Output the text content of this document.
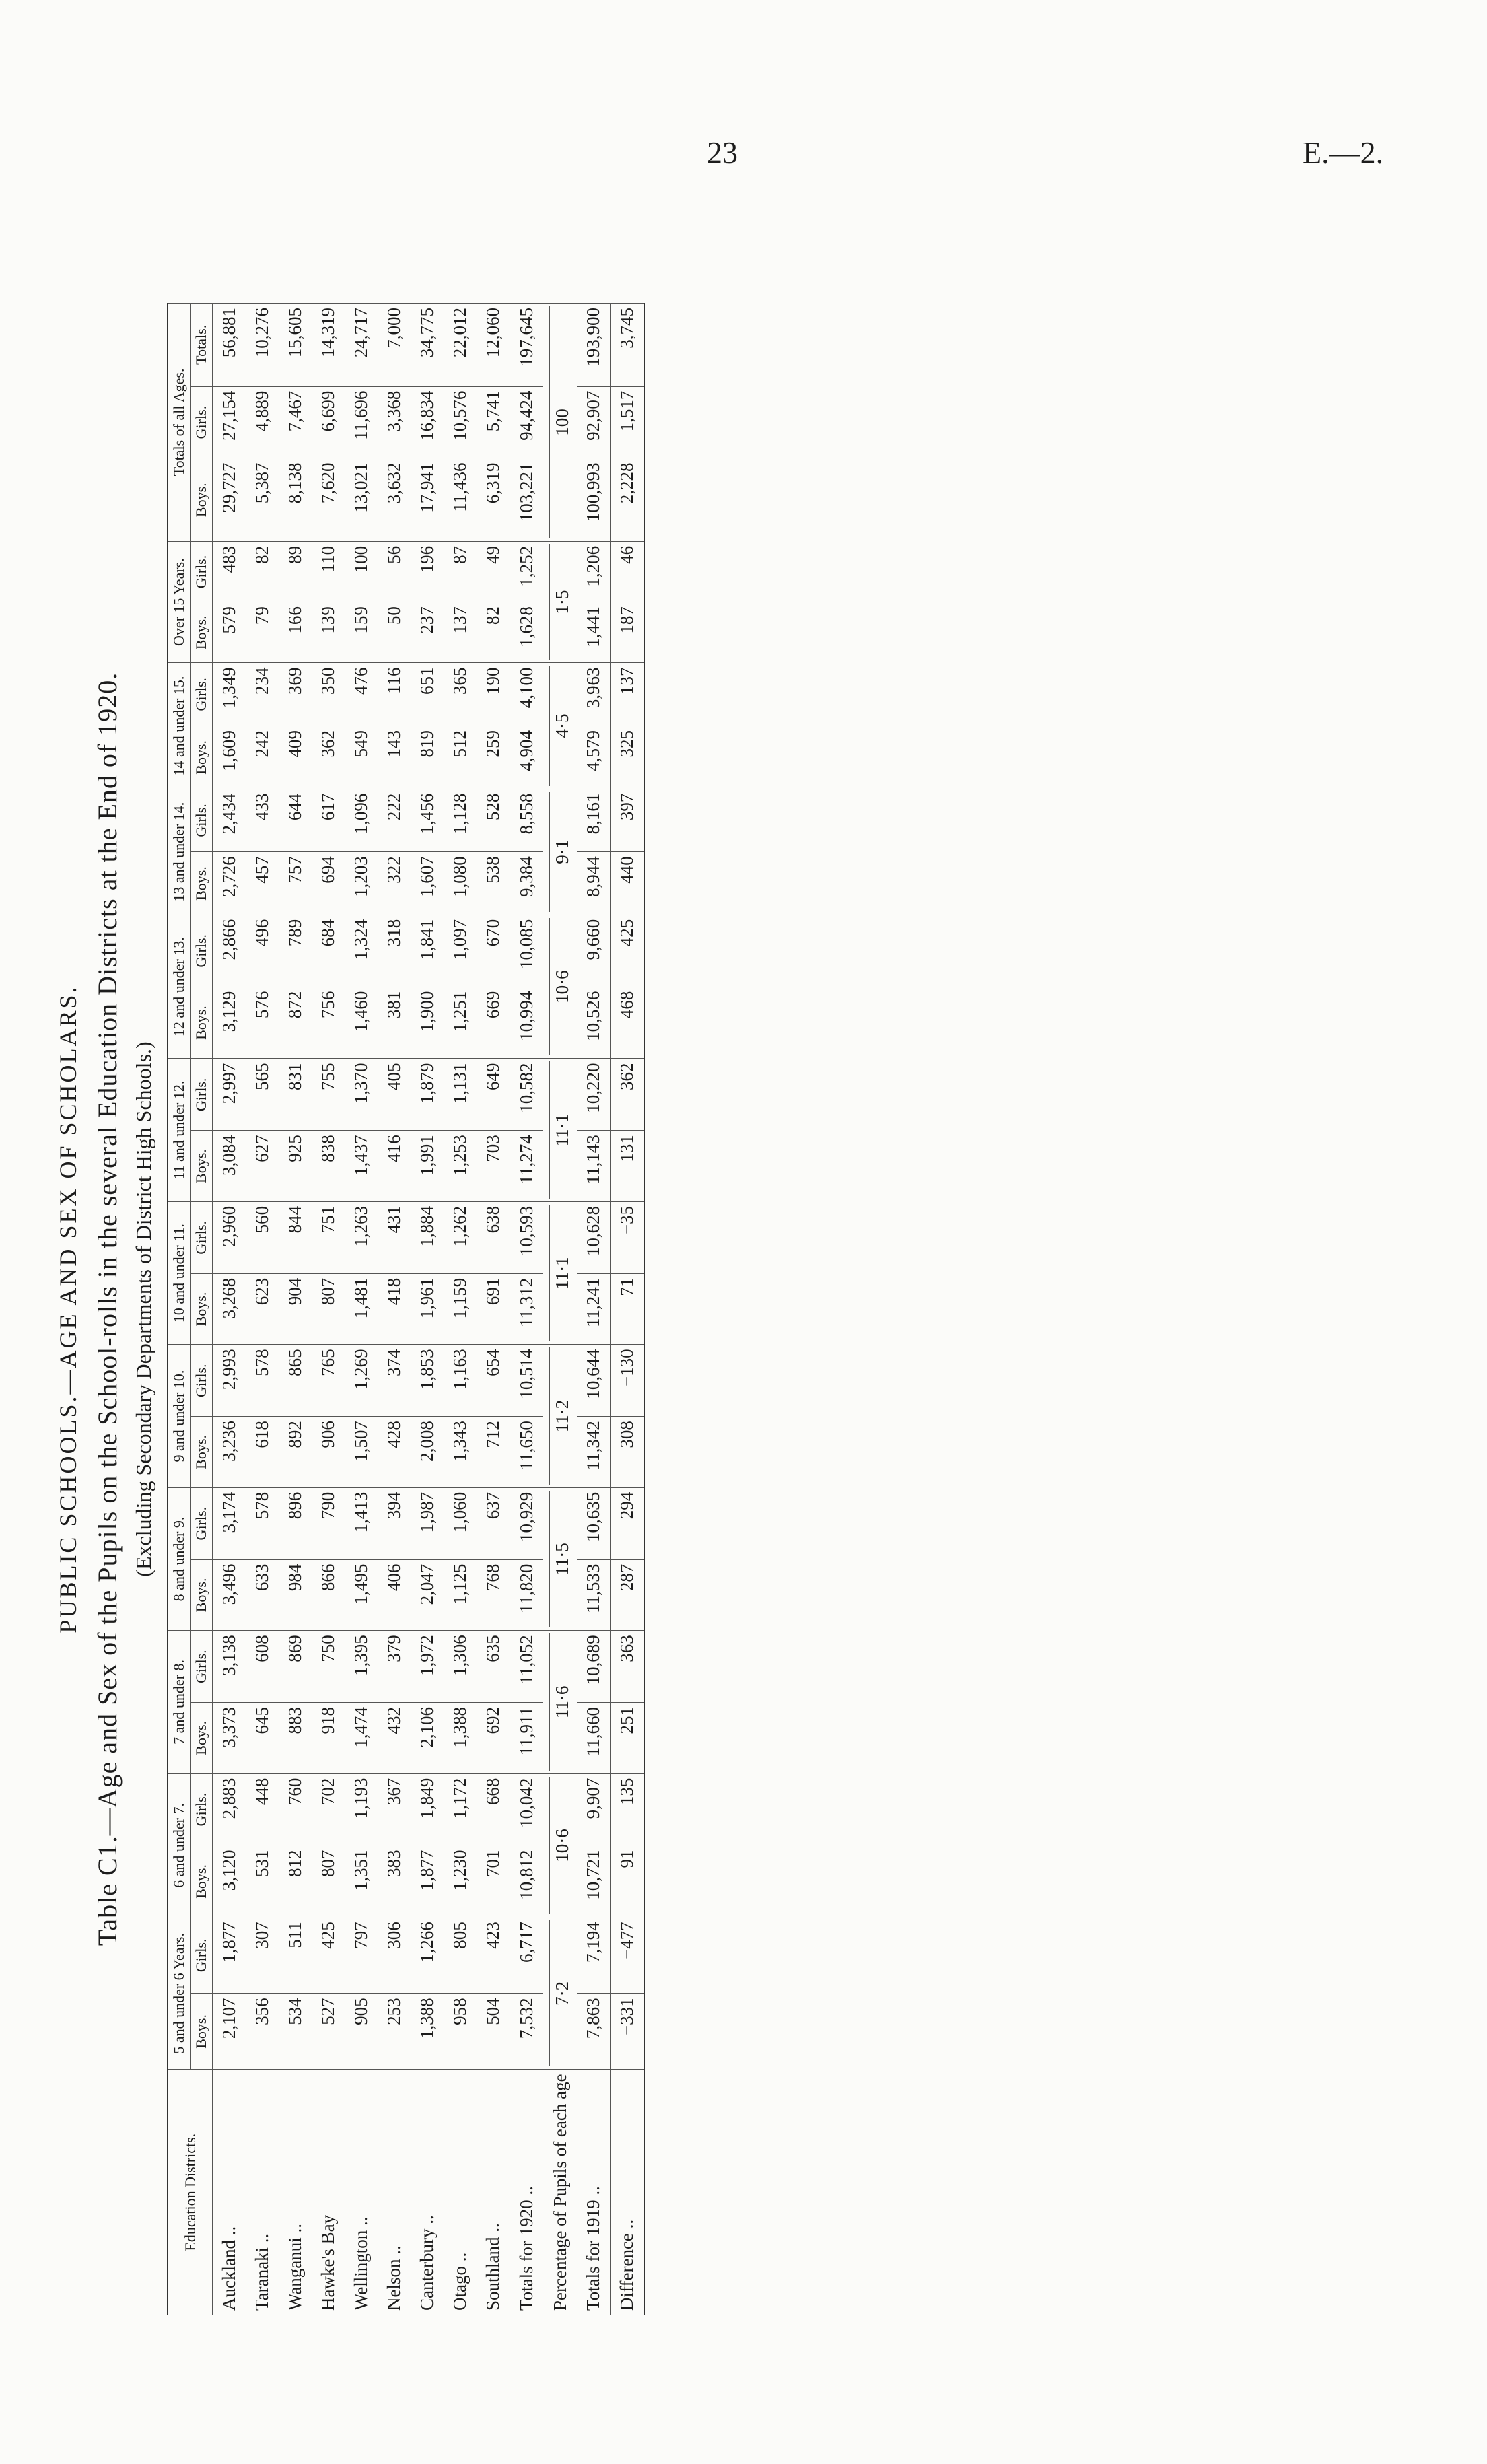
23	E.—2.
PUBLIC SCHOOLS.—AGE AND SEX OF SCHOLARS. Table C1.—Age and Sex of the Pupils on the School-rolls in the several Education Districts at the End of 1920. (Excluding Secondary Departments of District High Schools.)
Education Districts.	5 and under 6 Years.		6 and under 7.		7 and under 8.		8 and under 9.		9 and under 10.		10 and under 11.		11 and under 12.		12 and under 13.		13 and under 14.		14 and under 15.		Over 15 Years.		Totals of all Ages.		
	Boys.	Girls.	Boys.	Girls.	Boys.	Girls.	Boys.	Girls.	Boys.	Girls.	Boys.	Girls.	Boys.	Girls.	Boys.	Girls.	Boys.	Girls.	Boys.	Girls.	Boys.	Girls.	Boys.	Girls.	Totals.
Auckland ..	2,107	1,877	3,120	2,883	3,373	3,138	3,496	3,174	3,236	2,993	3,268	2,960	3,084	2,997	3,129	2,866	2,726	2,434	1,609	1,349	579	483	29,727	27,154	56,881
Taranaki ..	356	307	531	448	645	608	633	578	618	578	623	560	627	565	576	496	457	433	242	234	79	82	5,387	4,889	10,276
Wanganui ..	534	511	812	760	883	869	984	896	892	865	904	844	925	831	872	789	757	644	409	369	166	89	8,138	7,467	15,605
Hawke's Bay	527	425	807	702	918	750	866	790	906	765	807	751	838	755	756	684	694	617	362	350	139	110	7,620	6,699	14,319
Wellington ..	905	797	1,351	1,193	1,474	1,395	1,495	1,413	1,507	1,269	1,481	1,263	1,437	1,370	1,460	1,324	1,203	1,096	549	476	159	100	13,021	11,696	24,717
Nelson ..	253	306	383	367	432	379	406	394	428	374	418	431	416	405	381	318	322	222	143	116	50	56	3,632	3,368	7,000
Canterbury ..	1,388	1,266	1,877	1,849	2,106	1,972	2,047	1,987	2,008	1,853	1,961	1,884	1,991	1,879	1,900	1,841	1,607	1,456	819	651	237	196	17,941	16,834	34,775
Otago ..	958	805	1,230	1,172	1,388	1,306	1,125	1,060	1,343	1,163	1,159	1,262	1,253	1,131	1,251	1,097	1,080	1,128	512	365	137	87	11,436	10,576	22,012
Southland ..	504	423	701	668	692	635	768	637	712	654	691	638	703	649	669	670	538	528	259	190	82	49	6,319	5,741	12,060
Totals for 1920 ..	7,532	6,717	10,812	10,042	11,911	11,052	11,820	10,929	11,650	10,514	11,312	10,593	11,274	10,582	10,994	10,085	9,384	8,558	4,904	4,100	1,628	1,252	103,221	94,424	197,645
Percentage of Pupils of each age	7·2		10·6		11·6		11·5		11·2		11·1		11·1		10·6		9·1		4·5		1·5		100		

Totals for 1919 ..	7,863	7,194	10,721	9,907	11,660	10,689	11,533	10,635	11,342	10,644	11,241	10,628	11,143	10,220	10,526	9,660	8,944	8,161	4,579	3,963	1,441	1,206	100,993	92,907	193,900
Difference ..	−331	−477	91	135	251	363	287	294	308	−130	71	−35	131	362	468	425	440	397	325	137	187	46	2,228	1,517	3,745
